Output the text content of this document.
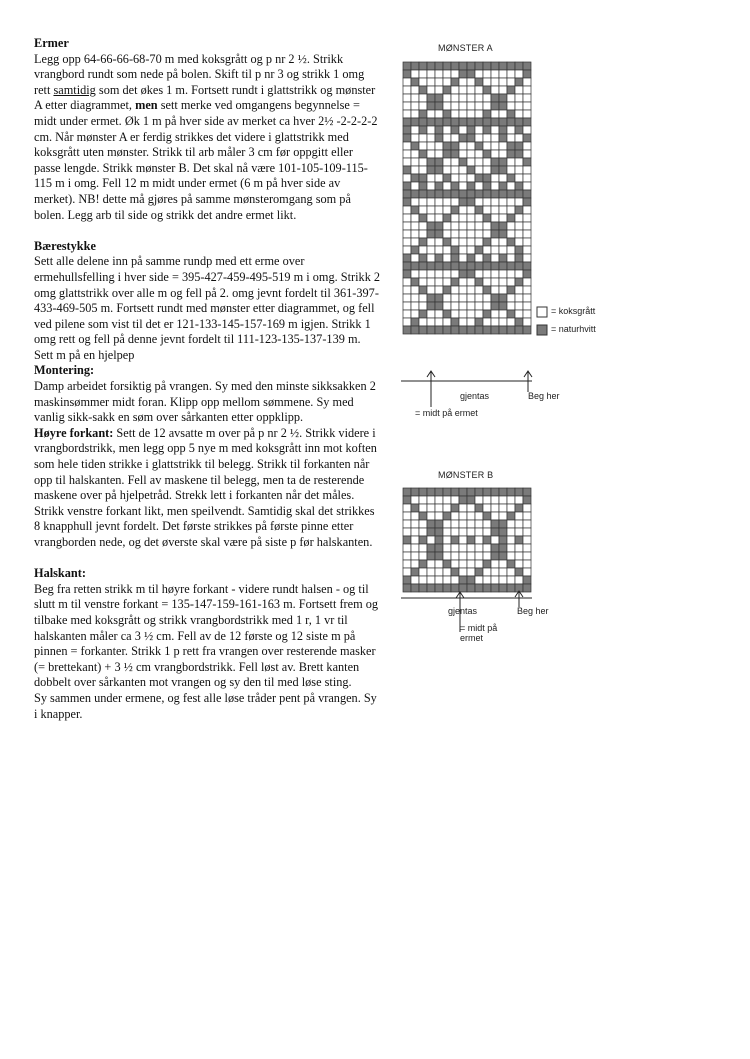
Ermer
Legg opp 64-66-66-68-70 m med koksgrått og p nr 2 ½. Strikk vrangbord rundt som nede på bolen. Skift til p nr 3 og strikk 1 omg rett samtidig som det økes 1 m. Fortsett rundt i glattstrikk og mønster A etter diagrammet, men sett merke ved omgangens begynnelse = midt under ermet. Øk 1 m på hver side av merket ca hver 2½ -2-2-2-2 cm. Når mønster A er ferdig strikkes det videre i glattstrikk med koksgrått uten mønster. Strikk til arb måler 3 cm før oppgitt eller passe lengde. Strikk mønster B. Det skal nå være 101-105-109-115-115 m i omg. Fell 12 m midt under ermet (6 m på hver side av merket). NB! dette må gjøres på samme mønsteromgang som på bolen. Legg arb til side og strikk det andre ermet likt.

Bærestykke
Sett alle delene inn på samme rundp med ett erme over ermehullsfelling i hver side = 395-427-459-495-519 m i omg. Strikk 2 omg glattstrikk over alle m og fell på 2. omg jevnt fordelt til 361-397-433-469-505 m. Fortsett rundt med mønster etter diagrammet, og fell ved pilene som vist til det er 121-133-145-157-169 m igjen. Strikk 1 omg rett og fell på denne jevnt fordelt til 111-123-135-137-139 m. Sett m på en hjelpep
Montering:
Damp arbeidet forsiktig på vrangen. Sy med den minste sikksakken 2 maskinsømmer midt foran. Klipp opp mellom sømmene. Sy med vanlig sikk-sakk en søm over sårkanten etter oppklipp.
Høyre forkant: Sett de 12 avsatte m over på p nr 2 ½. Strikk videre i vrangbordstrikk, men legg opp 5 nye m med koksgrått inn mot koften som hele tiden strikke i glattstrikk til belegg. Strikk til forkanten når opp til halskanten. Fell av maskene til belegg, men ta de resterende maskene over på hjelpetråd. Strekk lett i forkanten når det måles.
Strikk venstre forkant likt, men speilvendt. Samtidig skal det strikkes 8 knapphull jevnt fordelt. Det første strikkes på første pinne etter vrangborden nede, og det øverste skal være på siste p før halskanten.

Halskant:
Beg fra retten strikk m til høyre forkant - videre rundt halsen - og til slutt m til venstre forkant = 135-147-159-161-163 m. Fortsett frem og tilbake med koksgrått og strikk vrangbordstrikk med 1 r, 1 vr til halskanten måler ca 3 ½ cm. Fell av de 12 første og 12 siste m på pinnen = forkanter. Strikk 1 p rett fra vrangen over resterende masker (= brettekant) + 3 ½ cm vrangbordstrikk. Fell løst av. Brett kanten dobbelt over sårkanten mot vrangen og sy den til med løse sting.
Sy sammen under ermene, og fest alle løse tråder pent på vrangen. Sy i knapper.

MØNSTER A
= koksgrått
= naturhvitt
gjentas	Beg her
= midt på ermet
MØNSTER B
gjentas	Beg her
= midt på
ermet
